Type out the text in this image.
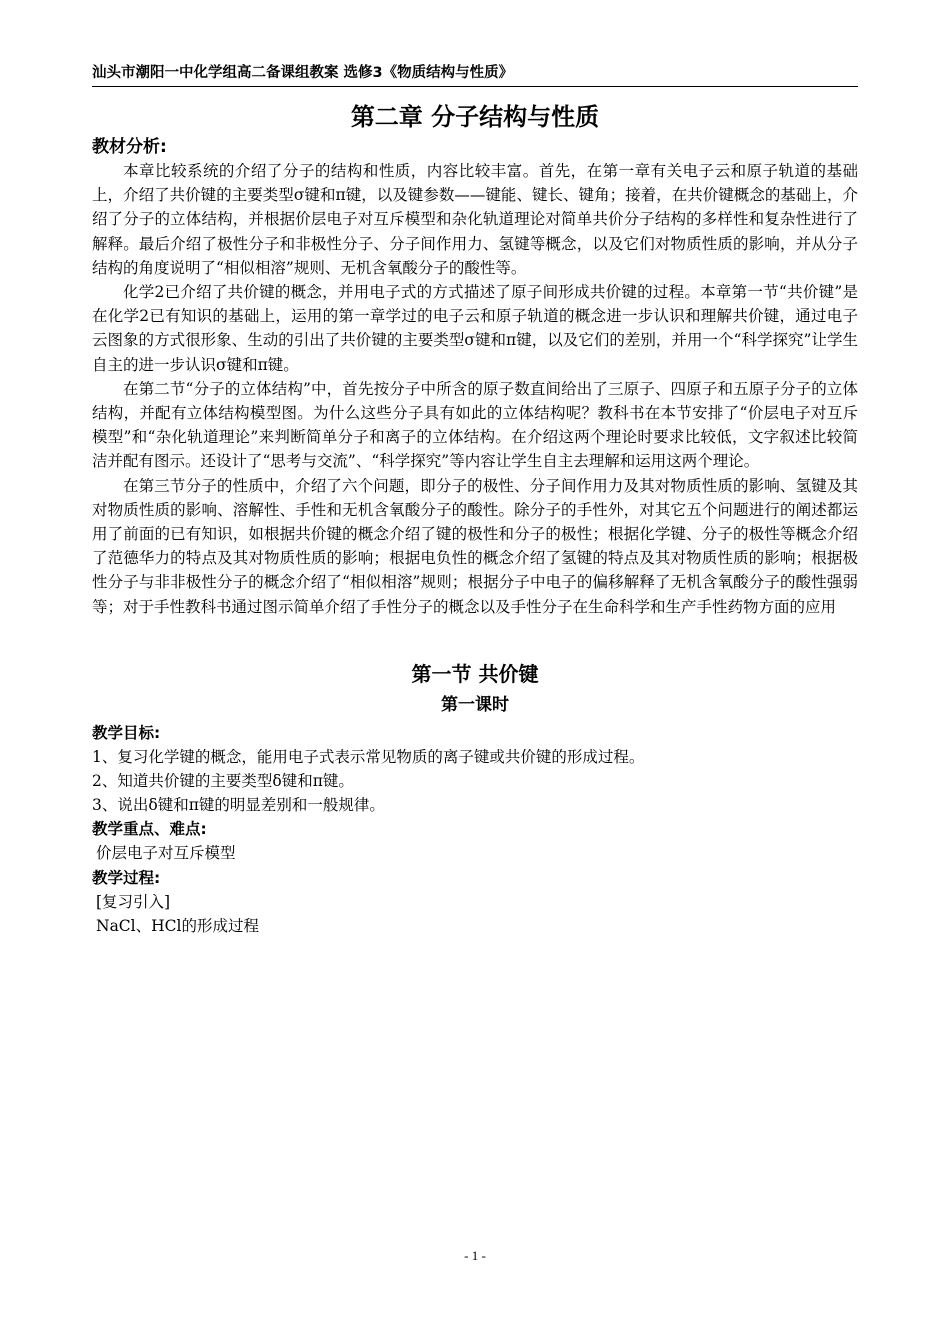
汕头市潮阳一中化学组高二备课组教案 选修3《物质结构与性质》
第二章 分子结构与性质
教材分析:

本章比较系统的介绍了分子的结构和性质，内容比较丰富。首先，在第一章有关电子云和原子轨道的基础上，介绍了共价键的主要类型σ键和π键，以及键参数——键能、键长、键角；接着，在共价键概念的基础上，介绍了分子的立体结构，并根据价层电子对互斥模型和杂化轨道理论对简单共价分子结构的多样性和复杂性进行了解释。最后介绍了极性分子和非极性分子、分子间作用力、氢键等概念，以及它们对物质性质的影响，并从分子结构的角度说明了“相似相溶”规则、无机含氧酸分子的酸性等。

化学2已介绍了共价键的概念，并用电子式的方式描述了原子间形成共价键的过程。本章第一节“共价键”是在化学2已有知识的基础上，运用的第一章学过的电子云和原子轨道的概念进一步认识和理解共价键，通过电子云图象的方式很形象、生动的引出了共价键的主要类型σ键和π键，以及它们的差别，并用一个“科学探究”让学生自主的进一步认识σ键和π键。

在第二节“分子的立体结构”中，首先按分子中所含的原子数直间给出了三原子、四原子和五原子分子的立体结构，并配有立体结构模型图。为什么这些分子具有如此的立体结构呢？教科书在本节安排了“价层电子对互斥模型”和“杂化轨道理论”来判断简单分子和离子的立体结构。在介绍这两个理论时要求比较低，文字叙述比较简洁并配有图示。还设计了“思考与交流”、“科学探究”等内容让学生自主去理解和运用这两个理论。

在第三节分子的性质中，介绍了六个问题，即分子的极性、分子间作用力及其对物质性质的影响、氢键及其对物质性质的影响、溶解性、手性和无机含氧酸分子的酸性。除分子的手性外，对其它五个问题进行的阐述都运用了前面的已有知识，如根据共价键的概念介绍了键的极性和分子的极性；根据化学键、分子的极性等概念介绍了范德华力的特点及其对物质性质的影响；根据电负性的概念介绍了氢键的特点及其对物质性质的影响；根据极性分子与非非极性分子的概念介绍了“相似相溶”规则；根据分子中电子的偏移解释了无机含氧酸分子的酸性强弱等；对于手性教科书通过图示简单介绍了手性分子的概念以及手性分子在生命科学和生产手性药物方面的应用

第一节 共价键
第一课时
教学目标:

1、复习化学键的概念，能用电子式表示常见物质的离子键或共价键的形成过程。

2、知道共价键的主要类型δ键和π键。

3、说出δ键和π键的明显差别和一般规律。

教学重点、难点:

价层电子对互斥模型

教学过程:

[复习引入]

NaCl、HCl的形成过程

- 1 -
